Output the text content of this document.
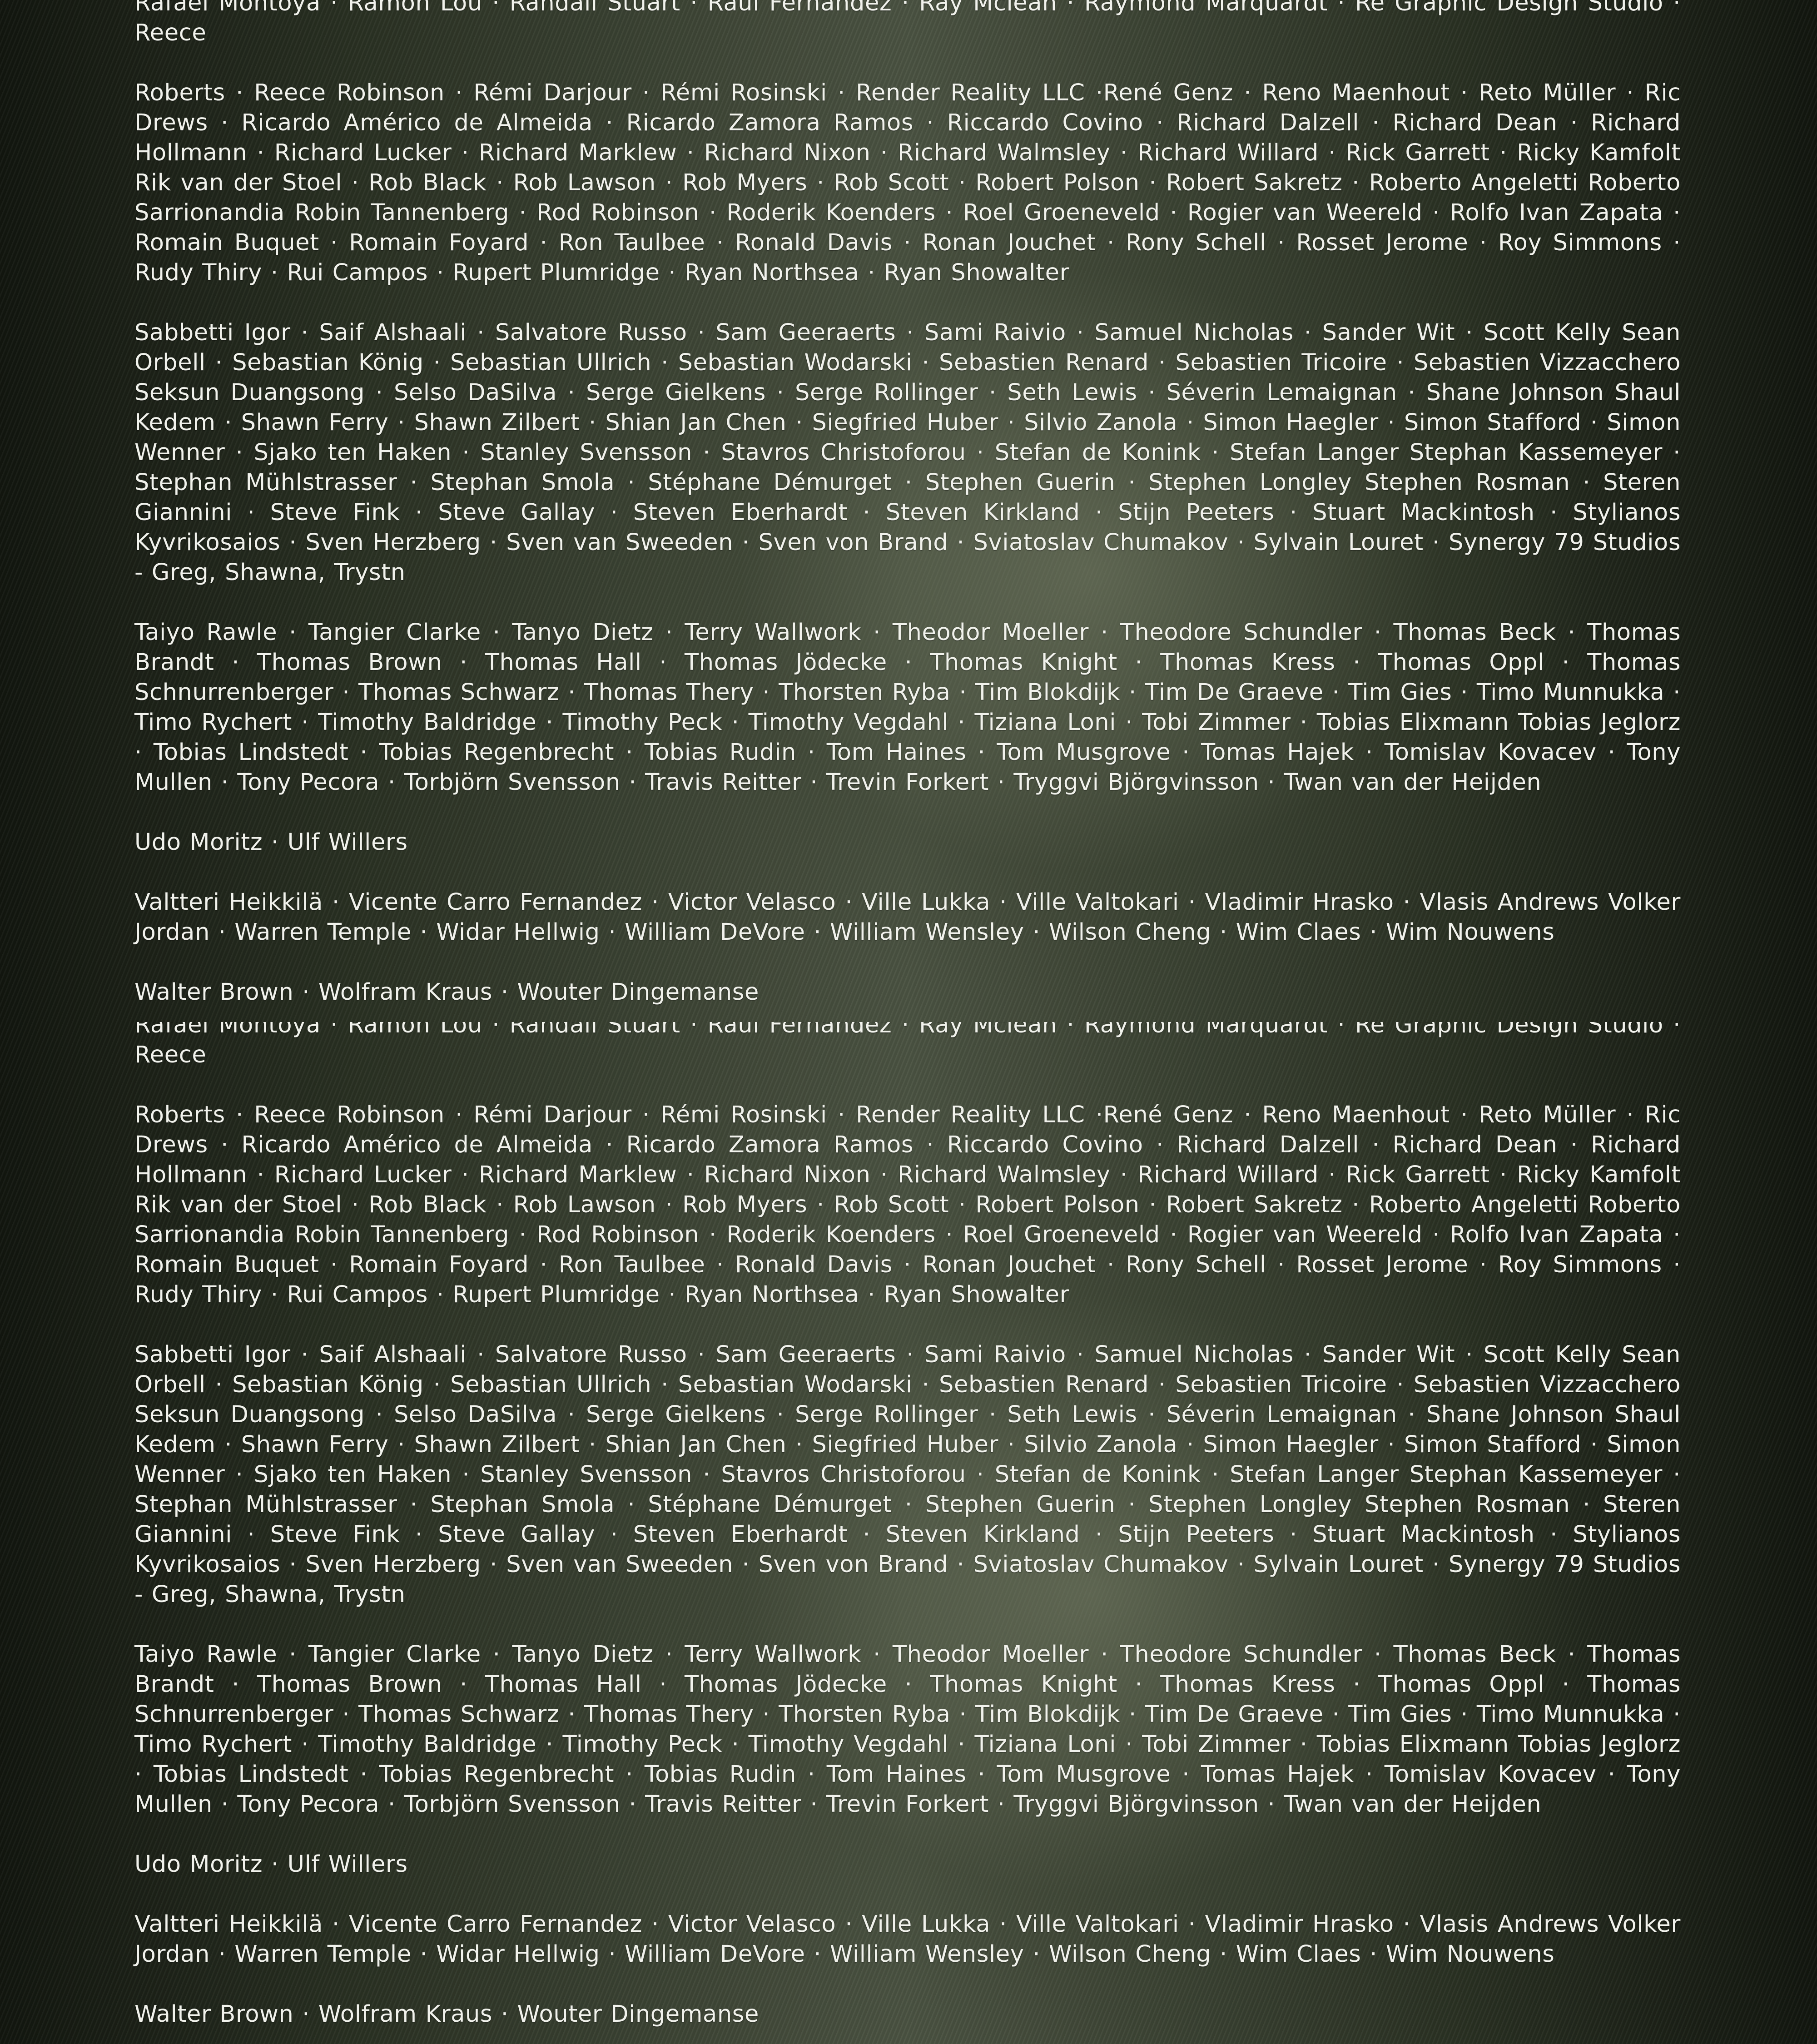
Rafael Montoya · Ramon Lou · Randall Stuart · Raul Fernandez · Ray Mclean · Raymond Marquardt · Ré Graphic Design Studio · Reece

Roberts · Reece Robinson · Rémi Darjour · Rémi Rosinski · Render Reality LLC ·René Genz · Reno Maenhout · Reto Müller · Ric Drews · Ricardo Américo de Almeida · Ricardo Zamora Ramos · Riccardo Covino · Richard Dalzell · Richard Dean · Richard Hollmann · Richard Lucker · Richard Marklew · Richard Nixon · Richard Walmsley · Richard Willard · Rick Garrett · Ricky Kamfolt Rik van der Stoel · Rob Black · Rob Lawson · Rob Myers · Rob Scott · Robert Polson · Robert Sakretz · Roberto Angeletti Roberto Sarrionandia Robin Tannenberg · Rod Robinson · Roderik Koenders · Roel Groeneveld · Rogier van Weereld · Rolfo Ivan Zapata · Romain Buquet · Romain Foyard · Ron Taulbee · Ronald Davis · Ronan Jouchet · Rony Schell · Rosset Jerome · Roy Simmons · Rudy Thiry · Rui Campos · Rupert Plumridge · Ryan Northsea · Ryan Showalter

Sabbetti Igor · Saif Alshaali · Salvatore Russo · Sam Geeraerts · Sami Raivio · Samuel Nicholas · Sander Wit · Scott Kelly Sean Orbell · Sebastian König · Sebastian Ullrich · Sebastian Wodarski · Sebastien Renard · Sebastien Tricoire · Sebastien Vizzacchero Seksun Duangsong · Selso DaSilva · Serge Gielkens · Serge Rollinger · Seth Lewis · Séverin Lemaignan · Shane Johnson Shaul Kedem · Shawn Ferry · Shawn Zilbert · Shian Jan Chen · Siegfried Huber · Silvio Zanola · Simon Haegler · Simon Stafford · Simon Wenner · Sjako ten Haken · Stanley Svensson · Stavros Christoforou · Stefan de Konink · Stefan Langer Stephan Kassemeyer · Stephan Mühlstrasser · Stephan Smola · Stéphane Démurget · Stephen Guerin · Stephen Longley Stephen Rosman · Steren Giannini · Steve Fink · Steve Gallay · Steven Eberhardt · Steven Kirkland · Stijn Peeters · Stuart Mackintosh · Stylianos Kyvrikosaios · Sven Herzberg · Sven van Sweeden · Sven von Brand · Sviatoslav Chumakov · Sylvain Louret · Synergy 79 Studios - Greg, Shawna, Trystn

Taiyo Rawle · Tangier Clarke · Tanyo Dietz · Terry Wallwork · Theodor Moeller · Theodore Schundler · Thomas Beck · Thomas Brandt · Thomas Brown · Thomas Hall · Thomas Jödecke · Thomas Knight · Thomas Kress · Thomas Oppl · Thomas Schnurrenberger · Thomas Schwarz · Thomas Thery · Thorsten Ryba · Tim Blokdijk · Tim De Graeve · Tim Gies · Timo Munnukka · Timo Rychert · Timothy Baldridge · Timothy Peck · Timothy Vegdahl · Tiziana Loni · Tobi Zimmer · Tobias Elixmann Tobias Jeglorz · Tobias Lindstedt · Tobias Regenbrecht · Tobias Rudin · Tom Haines · Tom Musgrove · Tomas Hajek · Tomislav Kovacev · Tony Mullen · Tony Pecora · Torbjörn Svensson · Travis Reitter · Trevin Forkert · Tryggvi Björgvinsson · Twan van der Heijden

Udo Moritz · Ulf Willers

Valtteri Heikkilä · Vicente Carro Fernandez · Victor Velasco · Ville Lukka · Ville Valtokari · Vladimir Hrasko · Vlasis Andrews Volker Jordan · Warren Temple · Widar Hellwig · William DeVore · William Wensley · Wilson Cheng · Wim Claes · Wim Nouwens

Walter Brown · Wolfram Kraus · Wouter Dingemanse

Rafael Montoya · Ramon Lou · Randall Stuart · Raul Fernandez · Ray Mclean · Raymond Marquardt · Ré Graphic Design Studio · Reece

Roberts · Reece Robinson · Rémi Darjour · Rémi Rosinski · Render Reality LLC ·René Genz · Reno Maenhout · Reto Müller · Ric Drews · Ricardo Américo de Almeida · Ricardo Zamora Ramos · Riccardo Covino · Richard Dalzell · Richard Dean · Richard Hollmann · Richard Lucker · Richard Marklew · Richard Nixon · Richard Walmsley · Richard Willard · Rick Garrett · Ricky Kamfolt Rik van der Stoel · Rob Black · Rob Lawson · Rob Myers · Rob Scott · Robert Polson · Robert Sakretz · Roberto Angeletti Roberto Sarrionandia Robin Tannenberg · Rod Robinson · Roderik Koenders · Roel Groeneveld · Rogier van Weereld · Rolfo Ivan Zapata · Romain Buquet · Romain Foyard · Ron Taulbee · Ronald Davis · Ronan Jouchet · Rony Schell · Rosset Jerome · Roy Simmons · Rudy Thiry · Rui Campos · Rupert Plumridge · Ryan Northsea · Ryan Showalter

Sabbetti Igor · Saif Alshaali · Salvatore Russo · Sam Geeraerts · Sami Raivio · Samuel Nicholas · Sander Wit · Scott Kelly Sean Orbell · Sebastian König · Sebastian Ullrich · Sebastian Wodarski · Sebastien Renard · Sebastien Tricoire · Sebastien Vizzacchero Seksun Duangsong · Selso DaSilva · Serge Gielkens · Serge Rollinger · Seth Lewis · Séverin Lemaignan · Shane Johnson Shaul Kedem · Shawn Ferry · Shawn Zilbert · Shian Jan Chen · Siegfried Huber · Silvio Zanola · Simon Haegler · Simon Stafford · Simon Wenner · Sjako ten Haken · Stanley Svensson · Stavros Christoforou · Stefan de Konink · Stefan Langer Stephan Kassemeyer · Stephan Mühlstrasser · Stephan Smola · Stéphane Démurget · Stephen Guerin · Stephen Longley Stephen Rosman · Steren Giannini · Steve Fink · Steve Gallay · Steven Eberhardt · Steven Kirkland · Stijn Peeters · Stuart Mackintosh · Stylianos Kyvrikosaios · Sven Herzberg · Sven van Sweeden · Sven von Brand · Sviatoslav Chumakov · Sylvain Louret · Synergy 79 Studios - Greg, Shawna, Trystn

Taiyo Rawle · Tangier Clarke · Tanyo Dietz · Terry Wallwork · Theodor Moeller · Theodore Schundler · Thomas Beck · Thomas Brandt · Thomas Brown · Thomas Hall · Thomas Jödecke · Thomas Knight · Thomas Kress · Thomas Oppl · Thomas Schnurrenberger · Thomas Schwarz · Thomas Thery · Thorsten Ryba · Tim Blokdijk · Tim De Graeve · Tim Gies · Timo Munnukka · Timo Rychert · Timothy Baldridge · Timothy Peck · Timothy Vegdahl · Tiziana Loni · Tobi Zimmer · Tobias Elixmann Tobias Jeglorz · Tobias Lindstedt · Tobias Regenbrecht · Tobias Rudin · Tom Haines · Tom Musgrove · Tomas Hajek · Tomislav Kovacev · Tony Mullen · Tony Pecora · Torbjörn Svensson · Travis Reitter · Trevin Forkert · Tryggvi Björgvinsson · Twan van der Heijden

Udo Moritz · Ulf Willers

Valtteri Heikkilä · Vicente Carro Fernandez · Victor Velasco · Ville Lukka · Ville Valtokari · Vladimir Hrasko · Vlasis Andrews Volker Jordan · Warren Temple · Widar Hellwig · William DeVore · William Wensley · Wilson Cheng · Wim Claes · Wim Nouwens

Walter Brown · Wolfram Kraus · Wouter Dingemanse
